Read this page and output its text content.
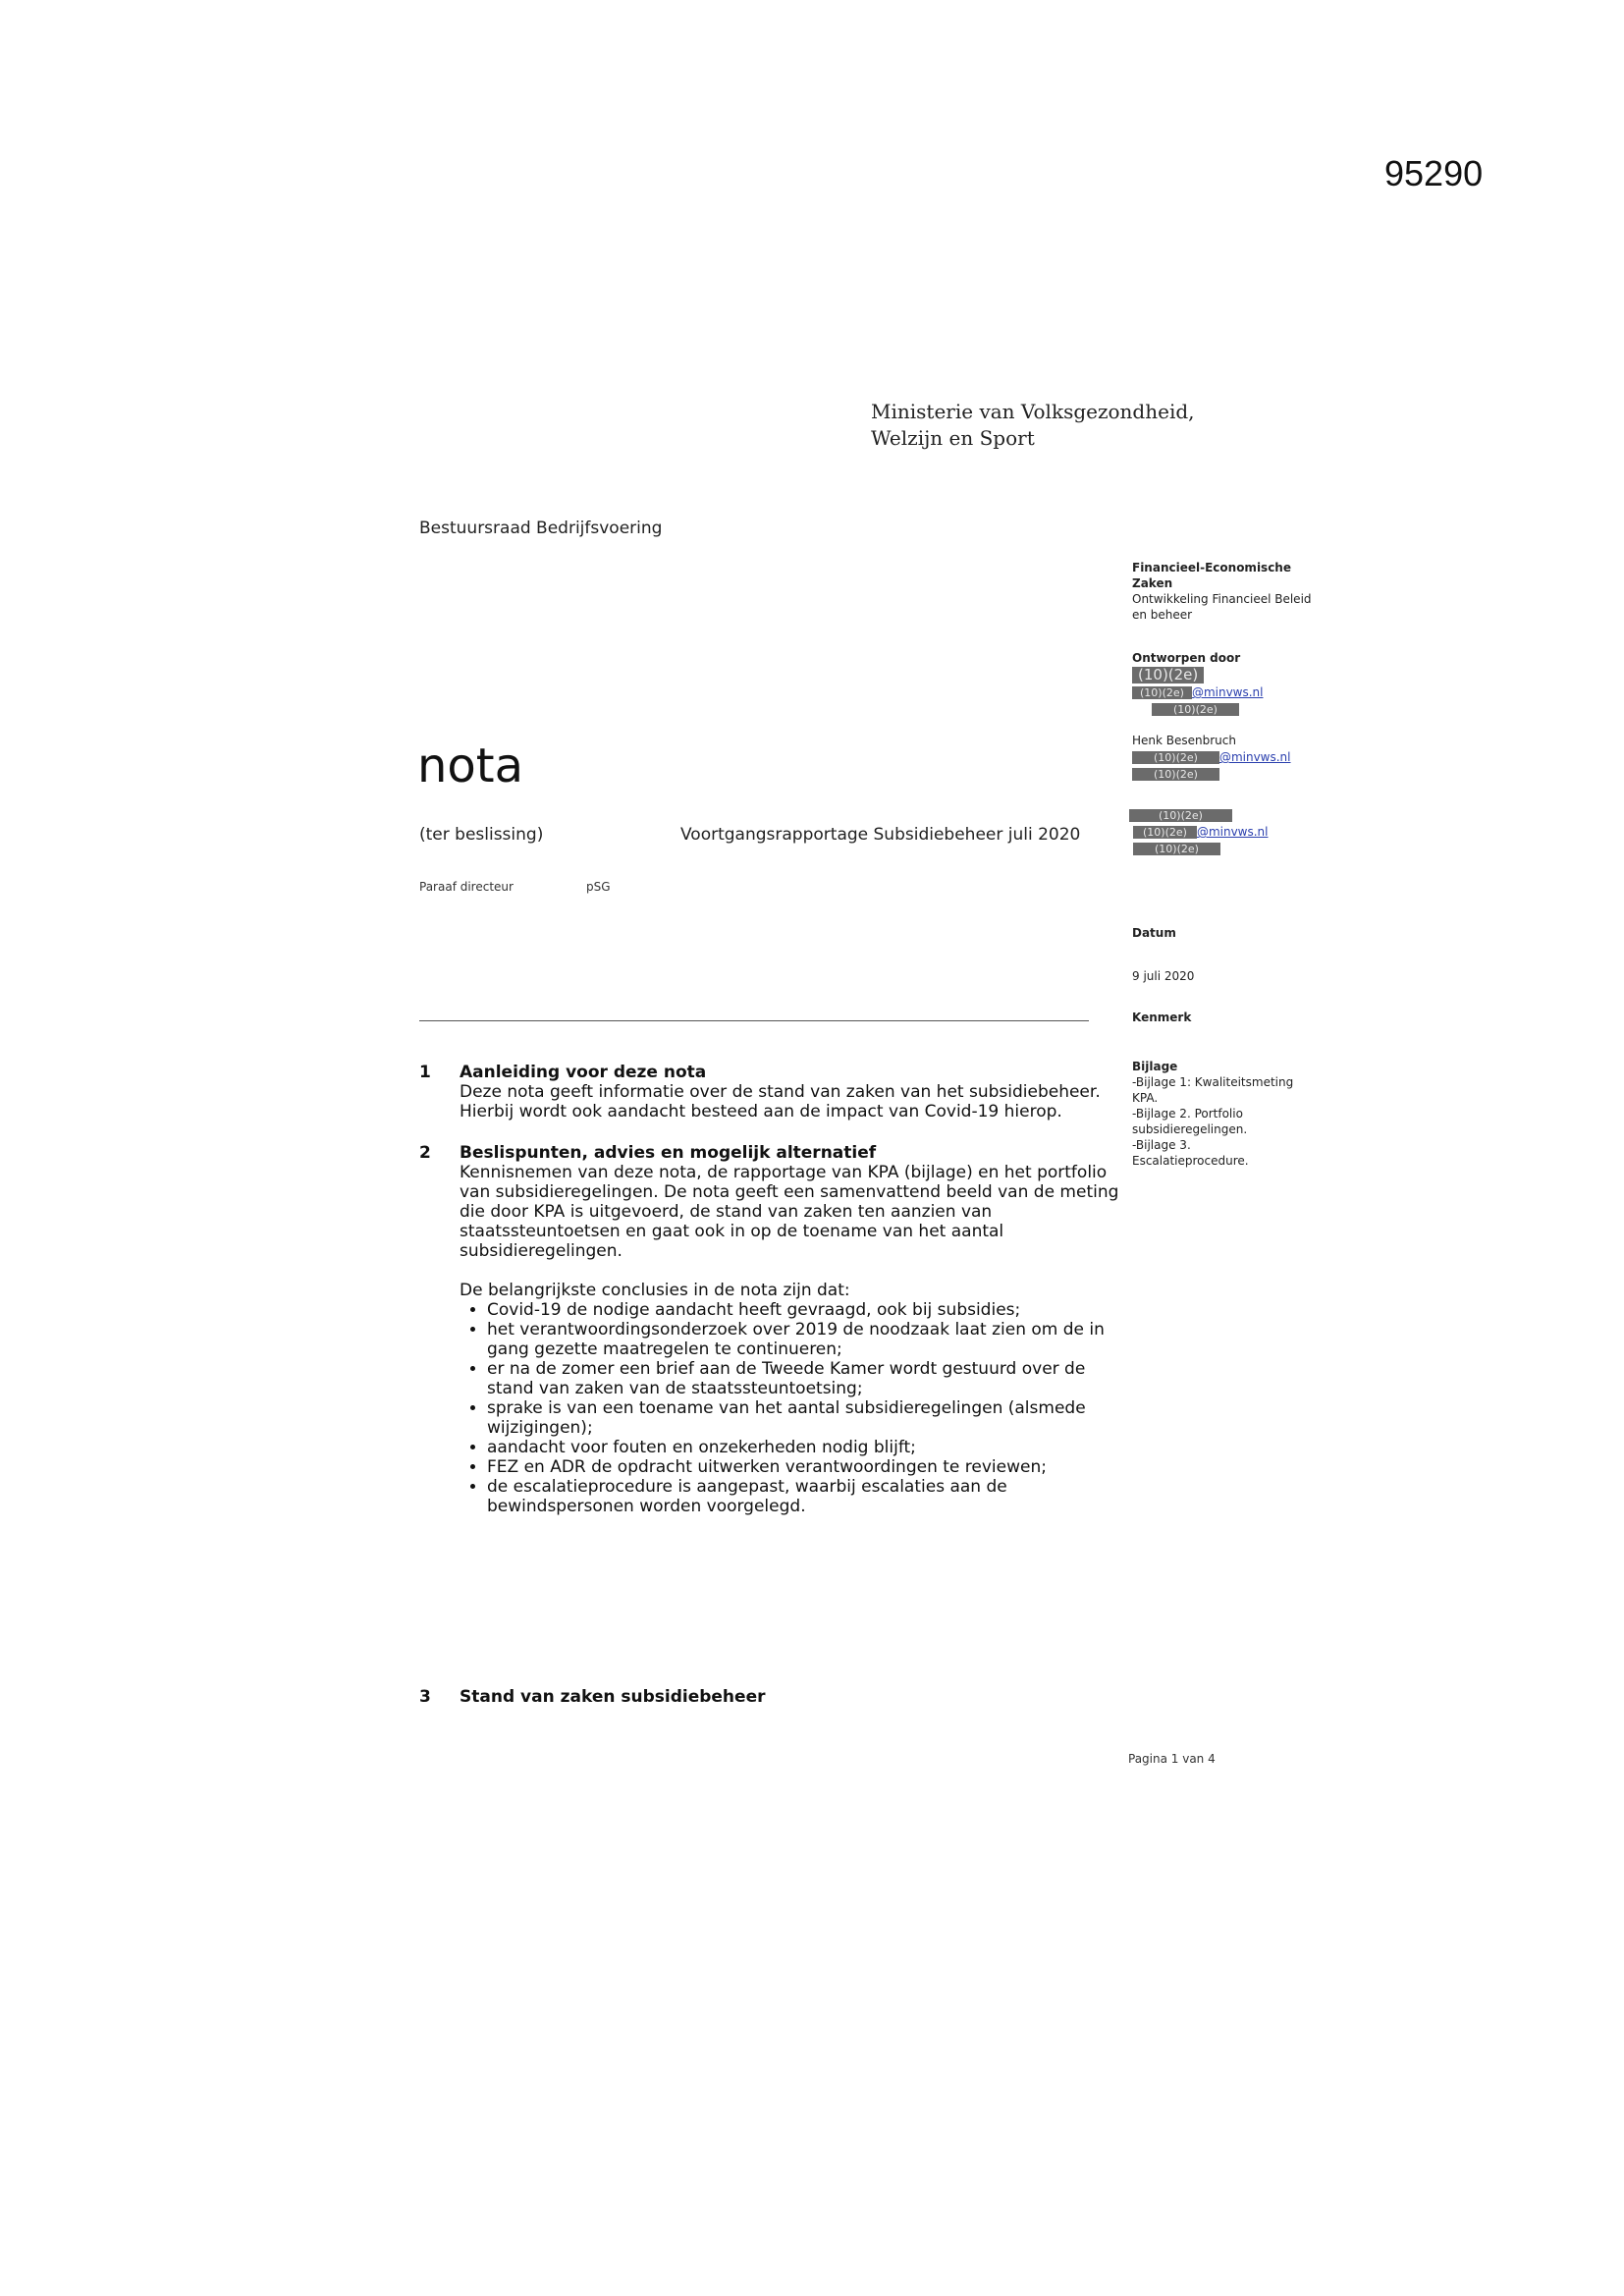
95290
Ministerie van Volksgezondheid,
Welzijn en Sport
Bestuursraad Bedrijfsvoering
nota
(ter beslissing)	Voortgangsrapportage Subsidiebeheer juli 2020
Paraaf directeur	pSG
Financieel-Economische
Zaken
Ontwikkeling Financieel Beleid
en beheer
Ontworpen door
(10)(2e)
(10)(2e) @minvws.nl
(10)(2e)
Henk Besenbruch
(10)(2e) @minvws.nl
(10)(2e)
(10)(2e)
(10)(2e) @minvws.nl
(10)(2e)
Datum
9 juli 2020
Kenmerk
Bijlage
-Bijlage 1: Kwaliteitsmeting
KPA.
-Bijlage 2. Portfolio
subsidieregelingen.
-Bijlage 3.
Escalatieprocedure.
1 Aanleiding voor deze nota

Deze nota geeft informatie over de stand van zaken van het subsidiebeheer.

Hierbij wordt ook aandacht besteed aan de impact van Covid-19 hierop.

2 Beslispunten, advies en mogelijk alternatief

Kennisnemen van deze nota, de rapportage van KPA (bijlage) en het portfolio

van subsidieregelingen. De nota geeft een samenvattend beeld van de meting

die door KPA is uitgevoerd, de stand van zaken ten aanzien van

staatssteuntoetsen en gaat ook in op de toename van het aantal

subsidieregelingen.

De belangrijkste conclusies in de nota zijn dat:

• Covid-19 de nodige aandacht heeft gevraagd, ook bij subsidies;
• het verantwoordingsonderzoek over 2019 de noodzaak laat zien om de in gang gezette maatregelen te continueren;
• er na de zomer een brief aan de Tweede Kamer wordt gestuurd over de stand van zaken van de staatssteuntoetsing;
• sprake is van een toename van het aantal subsidieregelingen (alsmede wijzigingen);
• aandacht voor fouten en onzekerheden nodig blijft;
• FEZ en ADR de opdracht uitwerken verantwoordingen te reviewen;
• de escalatieprocedure is aangepast, waarbij escalaties aan de bewindspersonen worden voorgelegd.
3 Stand van zaken subsidiebeheer
Pagina 1 van 4
